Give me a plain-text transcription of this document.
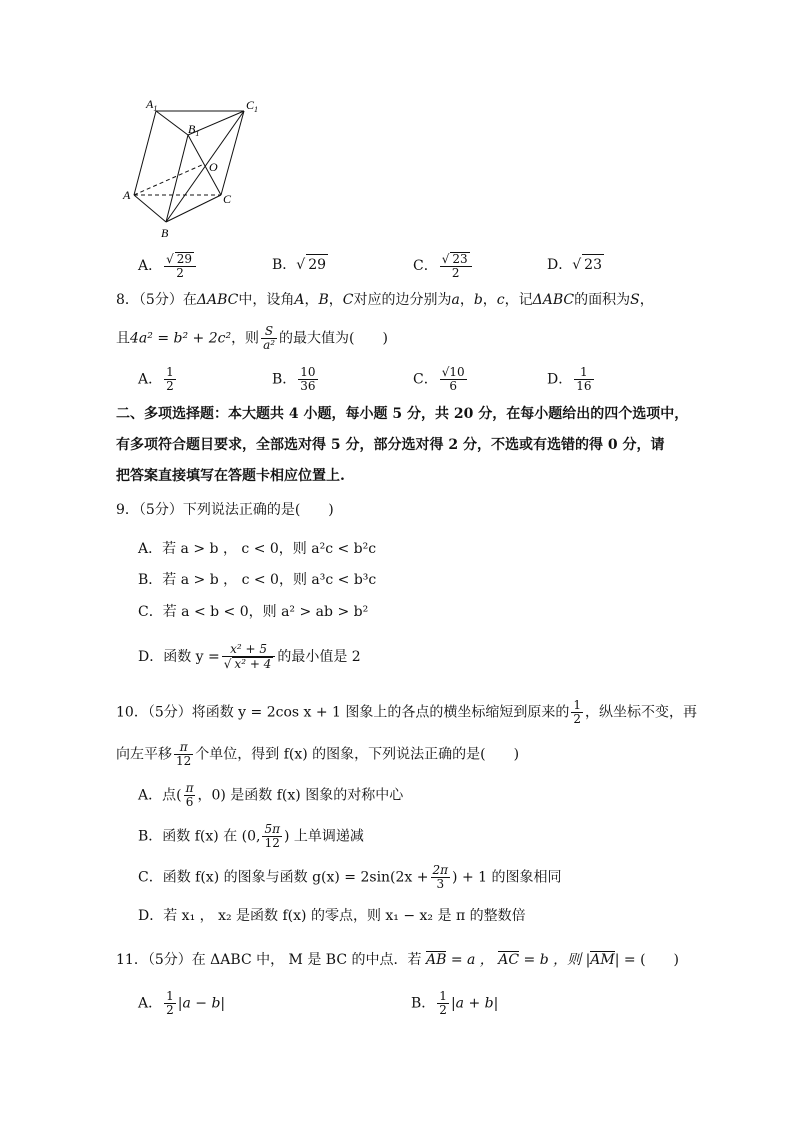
$A_1$
$B_1$
$C_1$
O
A
B
C
A． $\frac{√ 29}{2}$	B．√ 29	C． $\frac{√ 23}{2}$	D．√ 23
8．（5分）在ΔABC中，设角A，B，C对应的边分别为a，b，c，记ΔABC的面积为S，
且4a² = b² + 2c²，则 $\frac{S}{\text{a²}}$ 的最大值为(　　)
A． $\frac{1}{2}$	B． $\frac{10}{36}$	C． $\frac{√10}{6}$	D． $\frac{1}{16}$
二、多项选择题：本大题共 4 小题，每小题 5 分，共 20 分，在每小题给出的四个选项中，
有多项符合题目要求，全部选对得 5 分，部分选对得 2 分，不选或有选错的得 0 分，请
把答案直接填写在答题卡相应位置上.
9．（5分）下列说法正确的是(　　)
A．若 a > b ， c < 0，则 a²c < b²c
B．若 a > b ， c < 0，则 a³c < b³c
C．若 a < b < 0，则 a² > ab > b²
D．函数 $y = \frac{\text{x² + 5}}{\text{√ x² + 4}}$ 的最小值是 2
10．（5分）将函数 y = 2cos x + 1 图象上的各点的横坐标缩短到原来的 $\frac{1}{2}$ ，纵坐标不变，再
向左平移 $\frac{\pi}{12}$ 个单位，得到 f(x) 的图象，下列说法正确的是(　　)
A．点( $\frac{\pi}{6}$ ，0) 是函数 f(x) 图象的对称中心
B．函数 f(x) 在 (0, $\frac{5\pi}{12}$ ) 上单调递减
C．函数 f(x) 的图象与函数 $g(x) = 2\sin(2x + \frac{2\pi}{3}$ ) + 1 的图象相同
D．若 x₁ ， x₂ 是函数 f(x) 的零点，则 x₁ − x₂ 是 π 的整数倍
11．（5分）在 ΔABC 中， M 是 BC 的中点．若 AB = a ， AC = b ，则 |AM| = (　　)
A． $\frac{1}{2} |a - b|$	B． $\frac{1}{2} |a + b|$
